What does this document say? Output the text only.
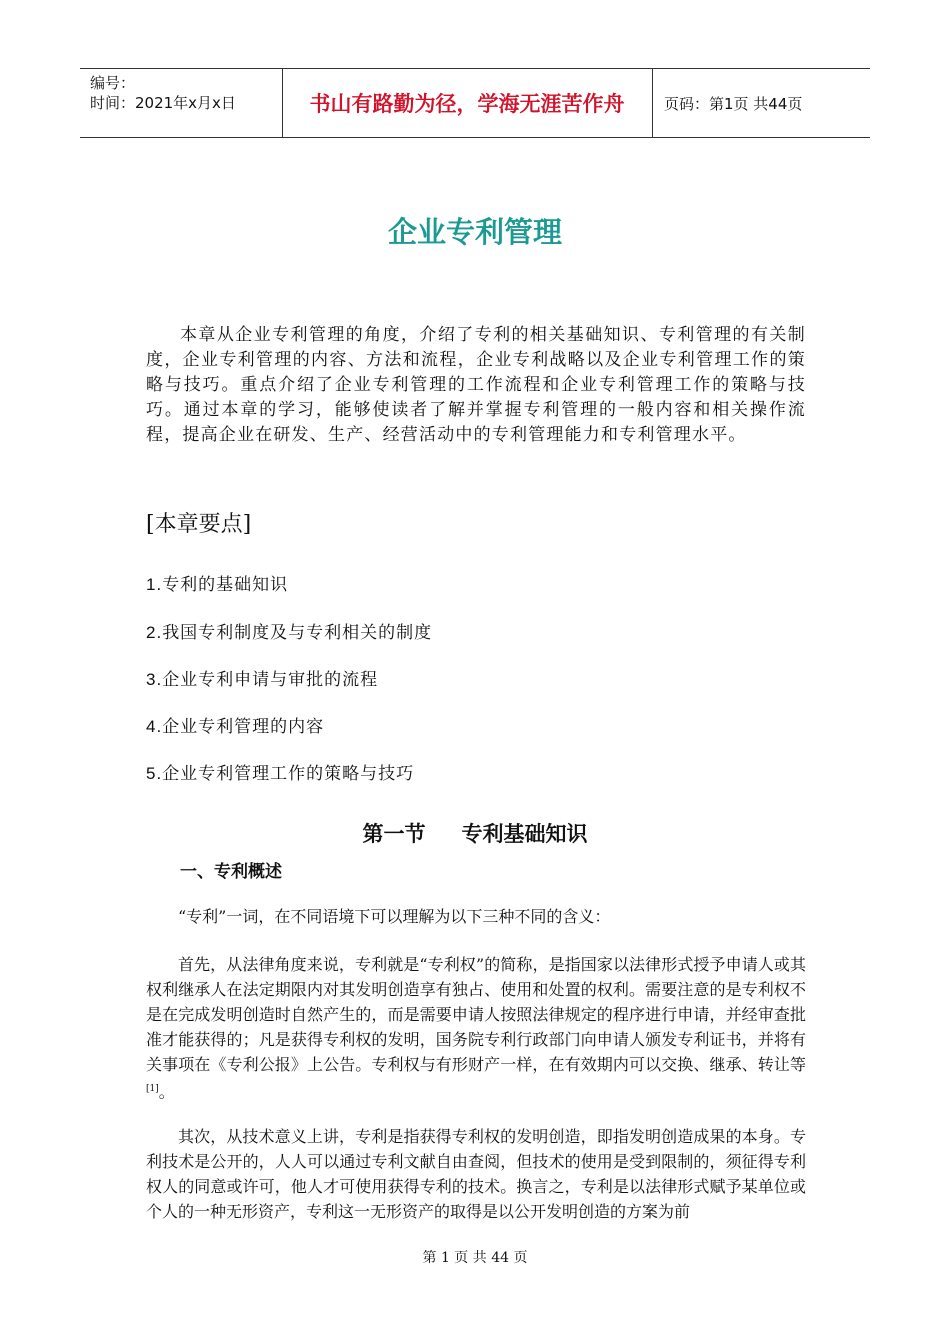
编号：
时间：2021年x月x日	书山有路勤为径，学海无涯苦作舟	页码：第1页 共44页
企业专利管理

本章从企业专利管理的角度，介绍了专利的相关基础知识、专利管理的有关制度，企业专利管理的内容、方法和流程，企业专利战略以及企业专利管理工作的策略与技巧。重点介绍了企业专利管理的工作流程和企业专利管理工作的策略与技巧。通过本章的学习，能够使读者了解并掌握专利管理的一般内容和相关操作流程，提高企业在研发、生产、经营活动中的专利管理能力和专利管理水平。

[本章要点]
1.专利的基础知识
2.我国专利制度及与专利相关的制度
3.企业专利申请与审批的流程
4.企业专利管理的内容
5.企业专利管理工作的策略与技巧
第一节 专利基础知识
一、专利概述

“专利”一词，在不同语境下可以理解为以下三种不同的含义：

首先，从法律角度来说，专利就是“专利权”的简称，是指国家以法律形式授予申请人或其权利继承人在法定期限内对其发明创造享有独占、使用和处置的权利。需要注意的是专利权不是在完成发明创造时自然产生的，而是需要申请人按照法律规定的程序进行申请，并经审查批准才能获得的；凡是获得专利权的发明，国务院专利行政部门向申请人颁发专利证书，并将有关事项在《专利公报》上公告。专利权与有形财产一样，在有效期内可以交换、继承、转让等[1]。

其次，从技术意义上讲，专利是指获得专利权的发明创造，即指发明创造成果的本身。专利技术是公开的，人人可以通过专利文献自由查阅，但技术的使用是受到限制的，须征得专利权人的同意或许可，他人才可使用获得专利的技术。换言之，专利是以法律形式赋予某单位或个人的一种无形资产，专利这一无形资产的取得是以公开发明创造的方案为前

第 1 页 共 44 页
